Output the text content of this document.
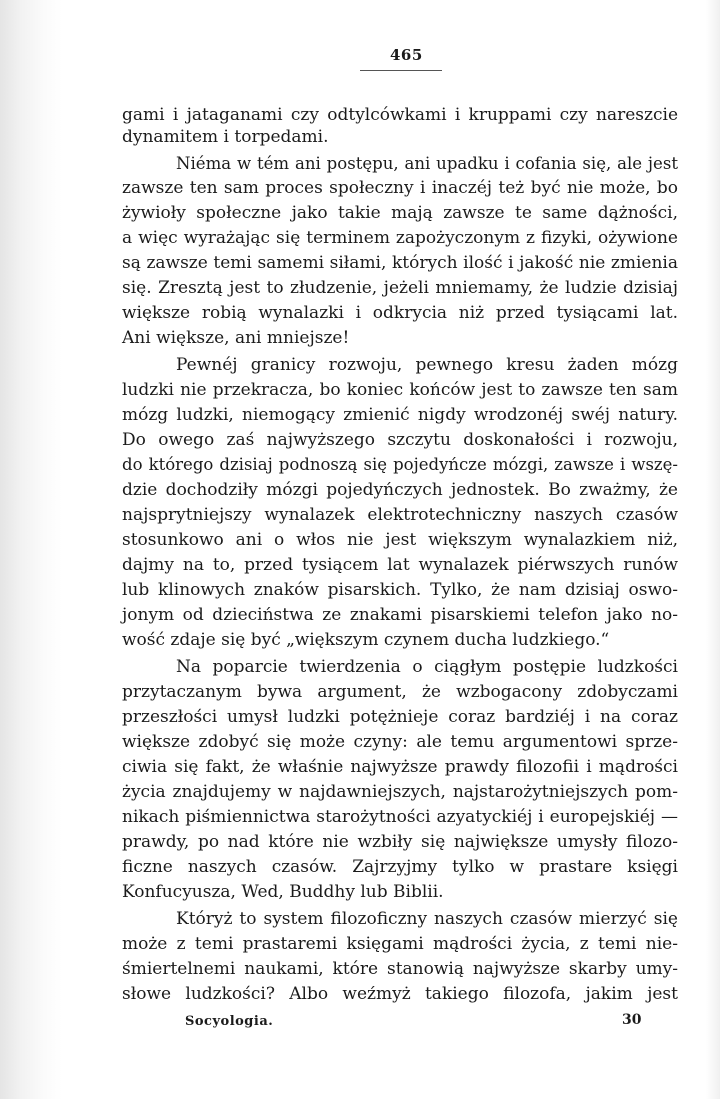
465
gami i jataganami czy odtylcówkami i kruppami czy nareszcie
dynamitem i torpedami.
Niéma w tém ani postępu, ani upadku i cofania się, ale jest
zawsze ten sam proces społeczny i inaczéj też być nie może, bo
żywioły społeczne jako takie mają zawsze te same dążności,
a więc wyrażając się terminem zapożyczonym z fizyki, ożywione
są zawsze temi samemi siłami, których ilość i jakość nie zmienia
się. Zresztą jest to złudzenie, jeżeli mniemamy, że ludzie dzisiaj
większe robią wynalazki i odkrycia niż przed tysiącami lat.
Ani większe, ani mniejsze!
Pewnéj granicy rozwoju, pewnego kresu żaden mózg
ludzki nie przekracza, bo koniec końców jest to zawsze ten sam
mózg ludzki, niemogący zmienić nigdy wrodzonéj swéj natury.
Do owego zaś najwyższego szczytu doskonałości i rozwoju,
do którego dzisiaj podnoszą się pojedyńcze mózgi, zawsze i wszę-
dzie dochodziły mózgi pojedyńczych jednostek. Bo zważmy, że
najsprytniejszy wynalazek elektrotechniczny naszych czasów
stosunkowo ani o włos nie jest większym wynalazkiem niż,
dajmy na to, przed tysiącem lat wynalazek piérwszych runów
lub klinowych znaków pisarskich. Tylko, że nam dzisiaj oswo-
jonym od dzieciństwa ze znakami pisarskiemi telefon jako no-
wość zdaje się być „większym czynem ducha ludzkiego.“
Na poparcie twierdzenia o ciągłym postępie ludzkości
przytaczanym bywa argument, że wzbogacony zdobyczami
przeszłości umysł ludzki potężnieje coraz bardziéj i na coraz
większe zdobyć się może czyny: ale temu argumentowi sprze-
ciwia się fakt, że właśnie najwyższe prawdy filozofii i mądrości
życia znajdujemy w najdawniejszych, najstarożytniejszych pom-
nikach piśmiennictwa starożytności azyatyckiéj i europejskiéj —
prawdy, po nad które nie wzbiły się największe umysły filozo-
ficzne naszych czasów. Zajrzyjmy tylko w prastare księgi
Konfucyusza, Wed, Buddhy lub Biblii.
Któryż to system filozoficzny naszych czasów mierzyć się
może z temi prastaremi księgami mądrości życia, z temi nie-
śmiertelnemi naukami, które stanowią najwyższe skarby umy-
słowe ludzkości? Albo weźmyż takiego filozofa, jakim jest
Socyologia.	30
